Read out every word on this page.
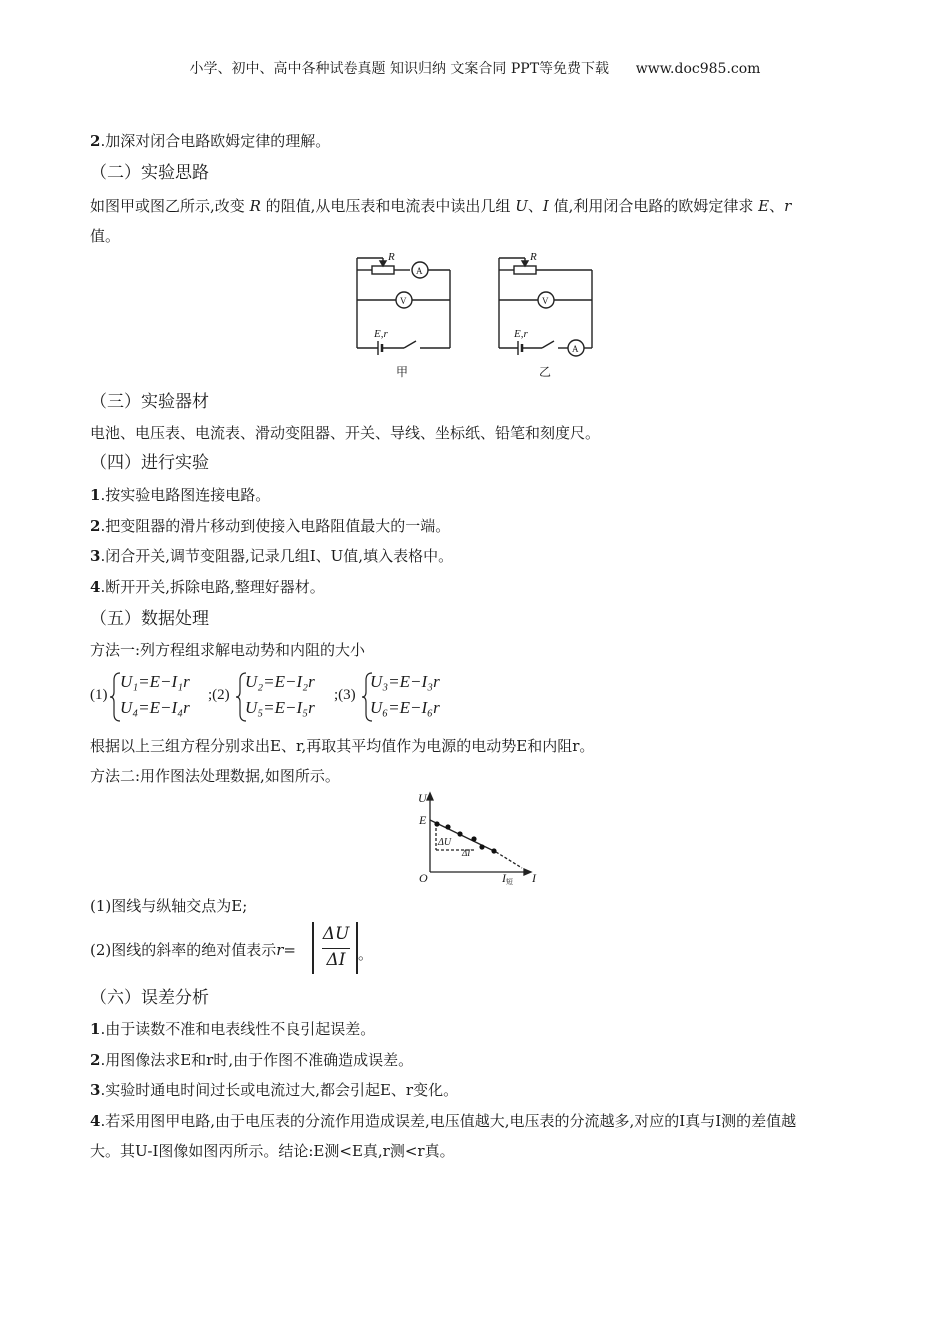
小学、初中、高中各种试卷真题 知识归纳 文案合同 PPT等免费下载      www.doc985.com
2.加深对闭合电路欧姆定律的理解。
（二）实验思路
如图甲或图乙所示,改变 R 的阻值,从电压表和电流表中读出几组 U、I 值,利用闭合电路的欧姆定律求 E、r
值。
R
A
V
E,r
甲
R
V
E,r
A
乙
（三）实验器材
电池、电压表、电流表、滑动变阻器、开关、导线、坐标纸、铅笔和刻度尺。
（四）进行实验
1.按实验电路图连接电路。
2.把变阻器的滑片移动到使接入电路阻值最大的一端。
3.闭合开关,调节变阻器,记录几组I、U值,填入表格中。
4.断开开关,拆除电路,整理好器材。
（五）数据处理
方法一:列方程组求解电动势和内阻的大小
(1)
U₁=E−I₁r
U₄=E−I₄r
;(2)
U₂=E−I₂r
U₅=E−I₅r
;(3)
U₃=E−I₃r
U₆=E−I₆r
根据以上三组方程分别求出E、r,再取其平均值作为电源的电动势E和内阻r。
方法二:用作图法处理数据,如图所示。
U
I
O
E
ΔU
ΔI
I短
(1)图线与纵轴交点为E;
(2)图线的斜率的绝对值表示r=
ΔU
ΔI 。
（六）误差分析
1.由于读数不准和电表线性不良引起误差。
2.用图像法求E和r时,由于作图不准确造成误差。
3.实验时通电时间过长或电流过大,都会引起E、r变化。
4.若采用图甲电路,由于电压表的分流作用造成误差,电压值越大,电压表的分流越多,对应的I真与I测的差值越
大。其U-I图像如图丙所示。结论:E测<E真,r测<r真。
